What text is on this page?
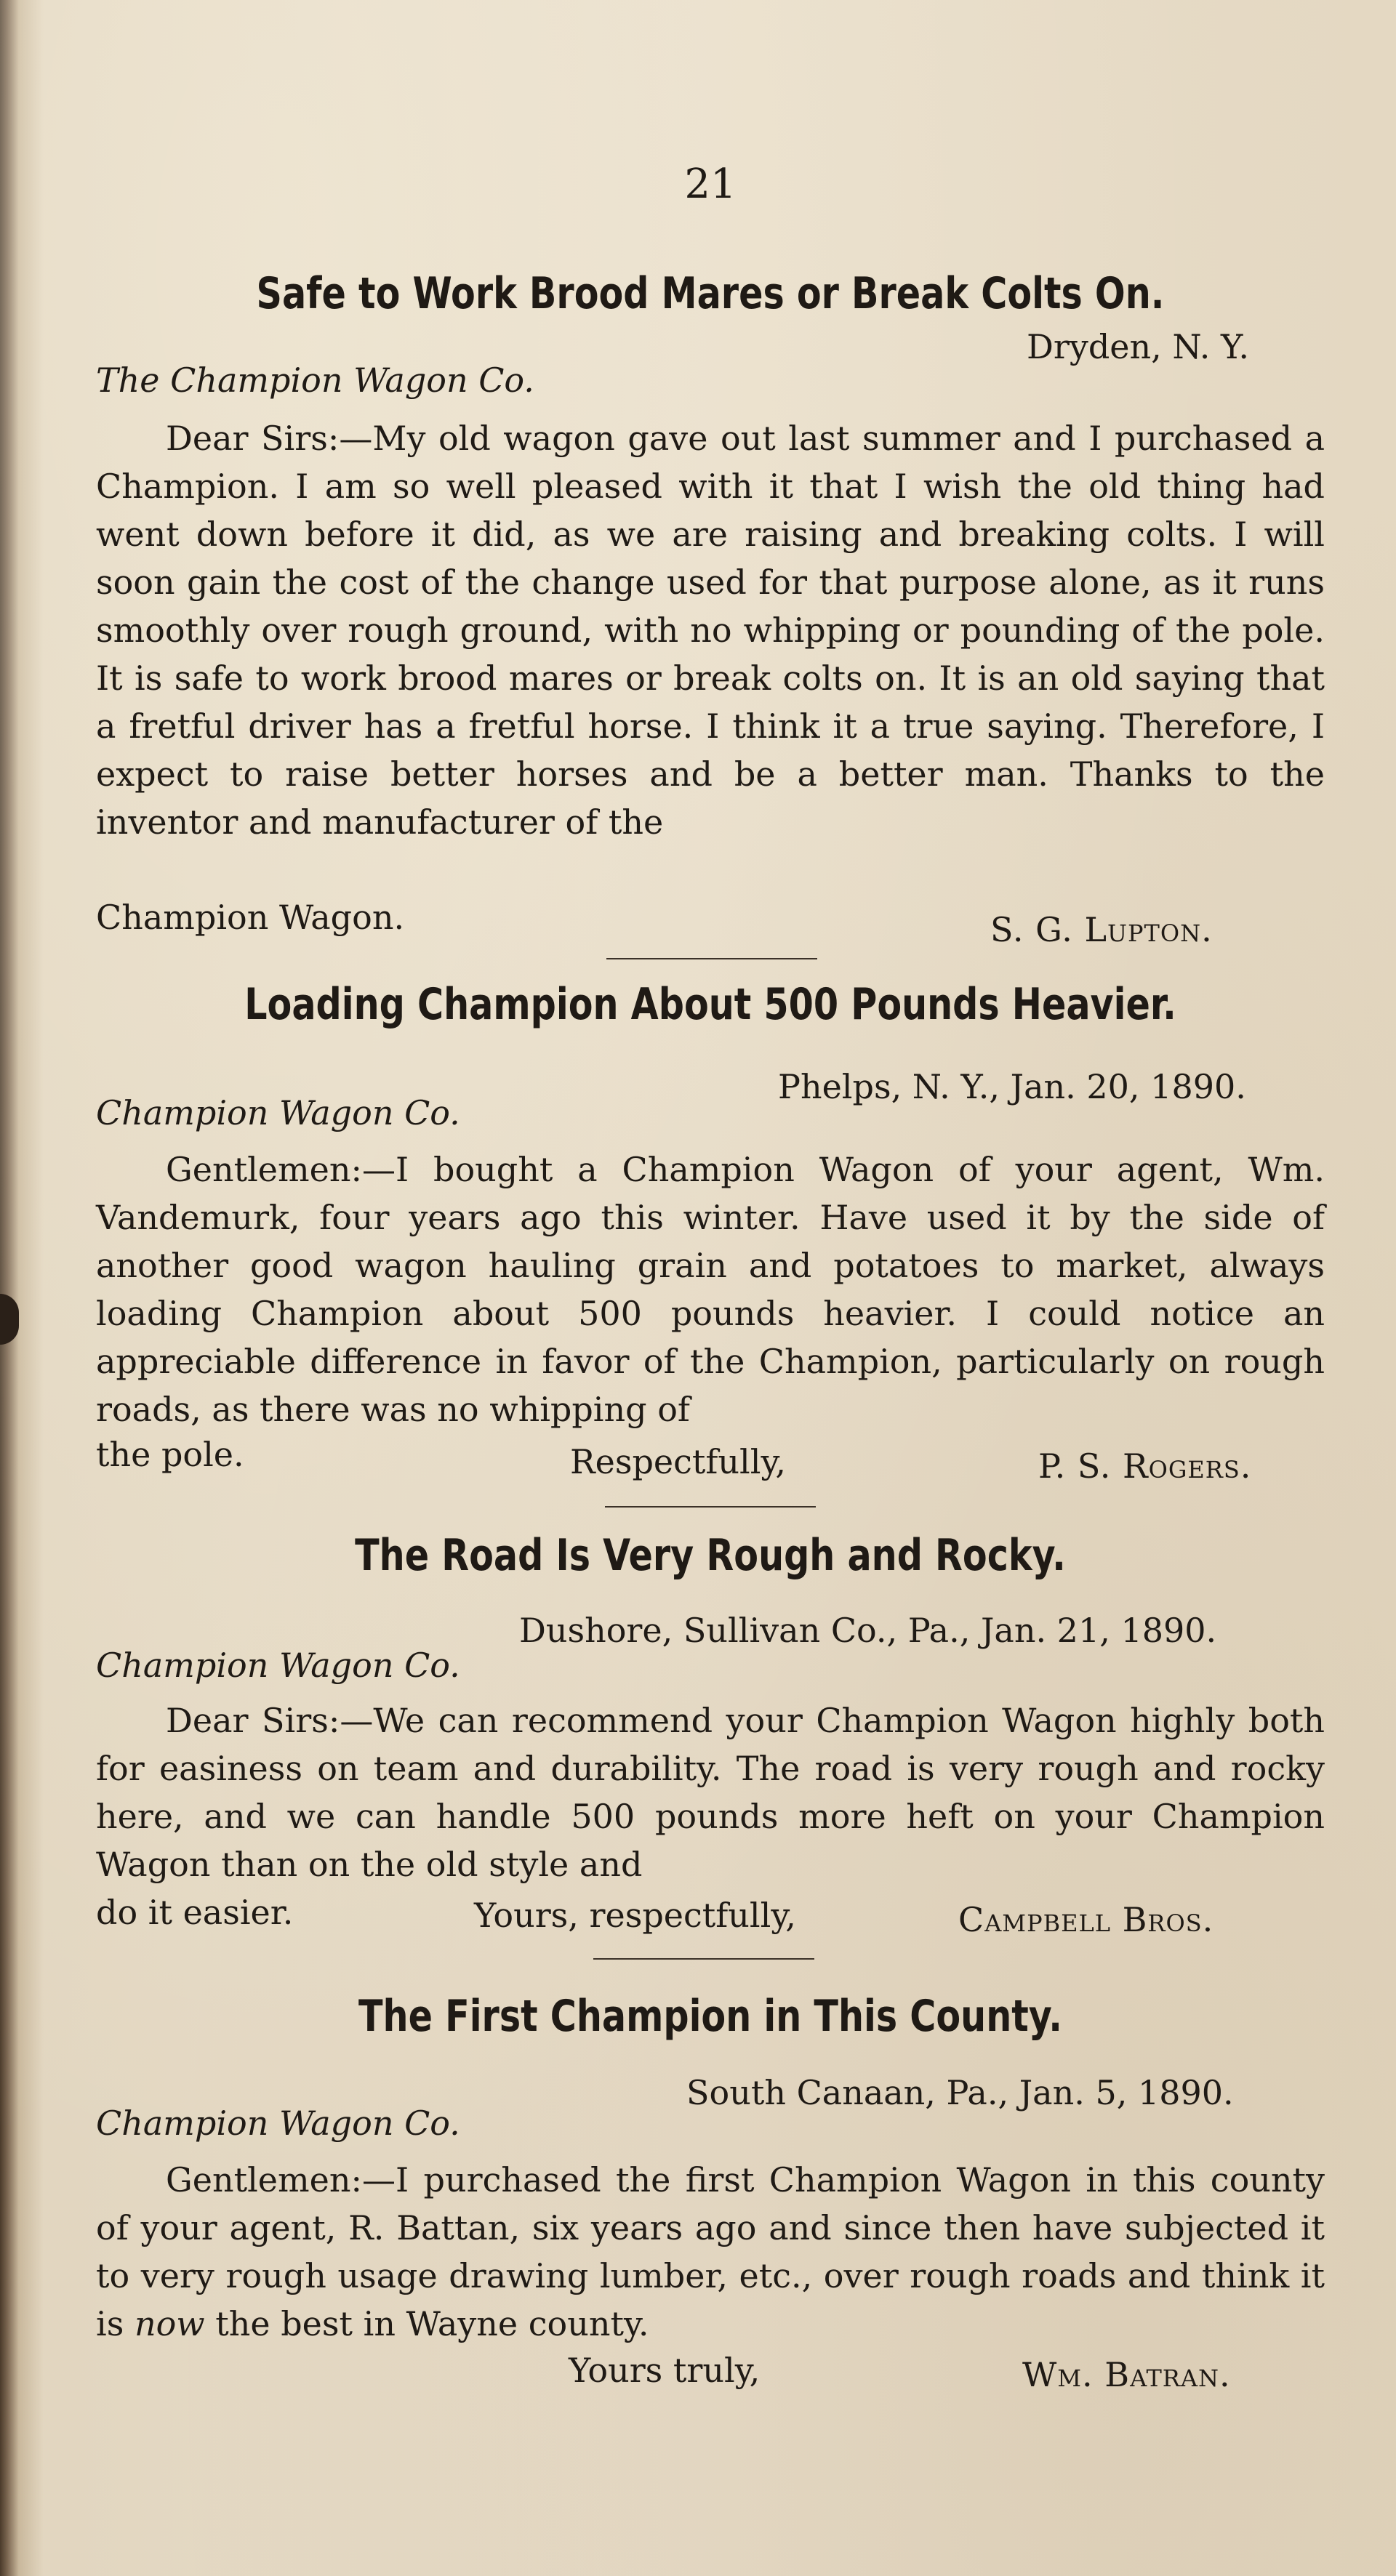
21
Safe to Work Brood Mares or Break Colts On.
Dryden, N. Y.
The Champion Wagon Co.
Dear Sirs:—My old wagon gave out last summer and I purchased a Champion. I am so well pleased with it that I wish the old thing had went down before it did, as we are raising and breaking colts. I will soon gain the cost of the change used for that purpose alone, as it runs smoothly over rough ground, with no whipping or pounding of the pole. It is safe to work brood mares or break colts on. It is an old saying that a fretful driver has a fretful horse. I think it a true saying. Therefore, I expect to raise better horses and be a better man. Thanks to the inventor and manufacturer of the
Champion Wagon.	S. G. Lupton.
Loading Champion About 500 Pounds Heavier.
Phelps, N. Y., Jan. 20, 1890.
Champion Wagon Co.
Gentlemen:—I bought a Champion Wagon of your agent, Wm. Vandemurk, four years ago this winter. Have used it by the side of another good wagon hauling grain and potatoes to market, always loading Champion about 500 pounds heavier. I could notice an appreciable difference in favor of the Champion, particularly on rough roads, as there was no whipping of
the pole.	Respectfully,	P. S. Rogers.
The Road Is Very Rough and Rocky.
Dushore, Sullivan Co., Pa., Jan. 21, 1890.
Champion Wagon Co.
Dear Sirs:—We can recommend your Champion Wagon highly both for easiness on team and durability. The road is very rough and rocky here, and we can handle 500 pounds more heft on your Champion Wagon than on the old style and
do it easier.	Yours, respectfully,	Campbell Bros.
The First Champion in This County.
South Canaan, Pa., Jan. 5, 1890.
Champion Wagon Co.
Gentlemen:—I purchased the first Champion Wagon in this county of your agent, R. Battan, six years ago and since then have subjected it to very rough usage drawing lumber, etc., over rough roads and think it is now the best in Wayne county.
Yours truly,	Wm. Batran.
